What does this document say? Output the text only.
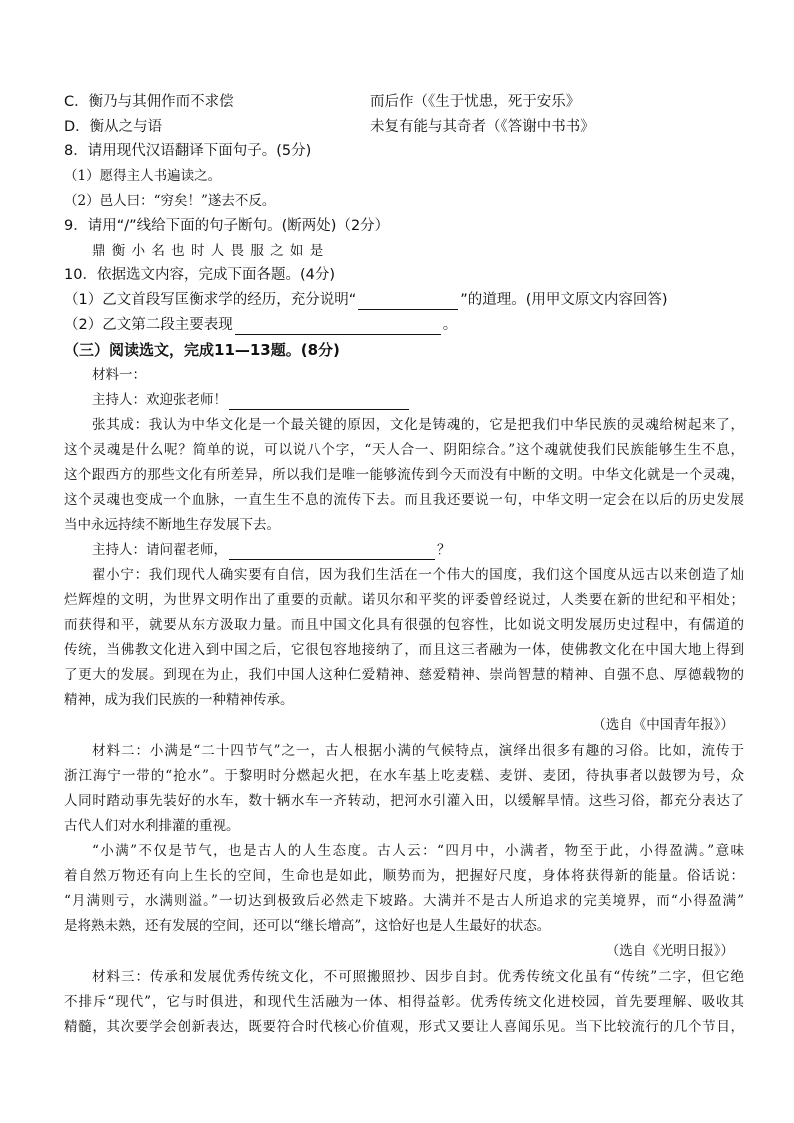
C．衡乃与其佣作而不求偿	而后作（《生于忧患，死于安乐》
D．衡从之与语	未复有能与其奇者（《答谢中书书》
8．请用现代汉语翻译下面句子。(5分)
（1）愿得主人书遍读之。
（2）邑人曰：“穷矣！”遂去不反。
9．请用“/”线给下面的句子断句。(断两处)（2分）
鼎 衡 小 名 也 时 人 畏 服 之 如 是
10．依据选文内容，完成下面各题。(4分)
（1）乙文首段写匡衡求学的经历，充分说明“	”的道理。(用甲文原文内容回答)
（2）乙文第二段主要表现	。
（三）阅读选文，完成11—13题。(8分)
材料一：
主持人：欢迎张老师！
张其成：我认为中华文化是一个最关键的原因，文化是铸魂的，它是把我们中华民族的灵魂给树起来了，
这个灵魂是什么呢？简单的说，可以说八个字，“天人合一、阴阳综合。”这个魂就使我们民族能够生生不息，
这个跟西方的那些文化有所差异，所以我们是唯一能够流传到今天而没有中断的文明。中华文化就是一个灵魂，
这个灵魂也变成一个血脉，一直生生不息的流传下去。而且我还要说一句，中华文明一定会在以后的历史发展
当中永远持续不断地生存发展下去。
主持人：请问翟老师，	？
翟小宁：我们现代人确实要有自信，因为我们生活在一个伟大的国度，我们这个国度从远古以来创造了灿
烂辉煌的文明，为世界文明作出了重要的贡献。诺贝尔和平奖的评委曾经说过，人类要在新的世纪和平相处；
而获得和平，就要从东方汲取力量。而且中国文化具有很强的包容性，比如说文明发展历史过程中，有儒道的
传统，当佛教文化进入到中国之后，它很包容地接纳了，而且这三者融为一体，使佛教文化在中国大地上得到
了更大的发展。到现在为止，我们中国人这种仁爱精神、慈爱精神、崇尚智慧的精神、自强不息、厚德载物的
精神，成为我们民族的一种精神传承。
（选自《中国青年报》）
材料二：小满是“二十四节气”之一，古人根据小满的气候特点，演绎出很多有趣的习俗。比如，流传于
浙江海宁一带的“抢水”。于黎明时分燃起火把，在水车基上吃麦糕、麦饼、麦团，待执事者以鼓锣为号，众
人同时踏动事先装好的水车，数十辆水车一齐转动，把河水引灌入田，以缓解旱情。这些习俗，都充分表达了
古代人们对水利排灌的重视。
“小满”不仅是节气，也是古人的人生态度。古人云：“四月中，小满者，物至于此，小得盈满。”意味
着自然万物还有向上生长的空间，生命也是如此，顺势而为，把握好尺度，身体将获得新的能量。俗话说：
“月满则亏，水满则溢。”一切达到极致后必然走下坡路。大满并不是古人所追求的完美境界，而“小得盈满”
是将熟未熟，还有发展的空间，还可以“继长增高”，这恰好也是人生最好的状态。
（选自《光明日报》）
材料三：传承和发展优秀传统文化，不可照搬照抄、因步自封。优秀传统文化虽有“传统”二字，但它绝
不排斥“现代”，它与时俱进，和现代生活融为一体、相得益彰。优秀传统文化进校园，首先要理解、吸收其
精髓，其次要学会创新表达，既要符合时代核心价值观，形式又要让人喜闻乐见。当下比较流行的几个节目，
